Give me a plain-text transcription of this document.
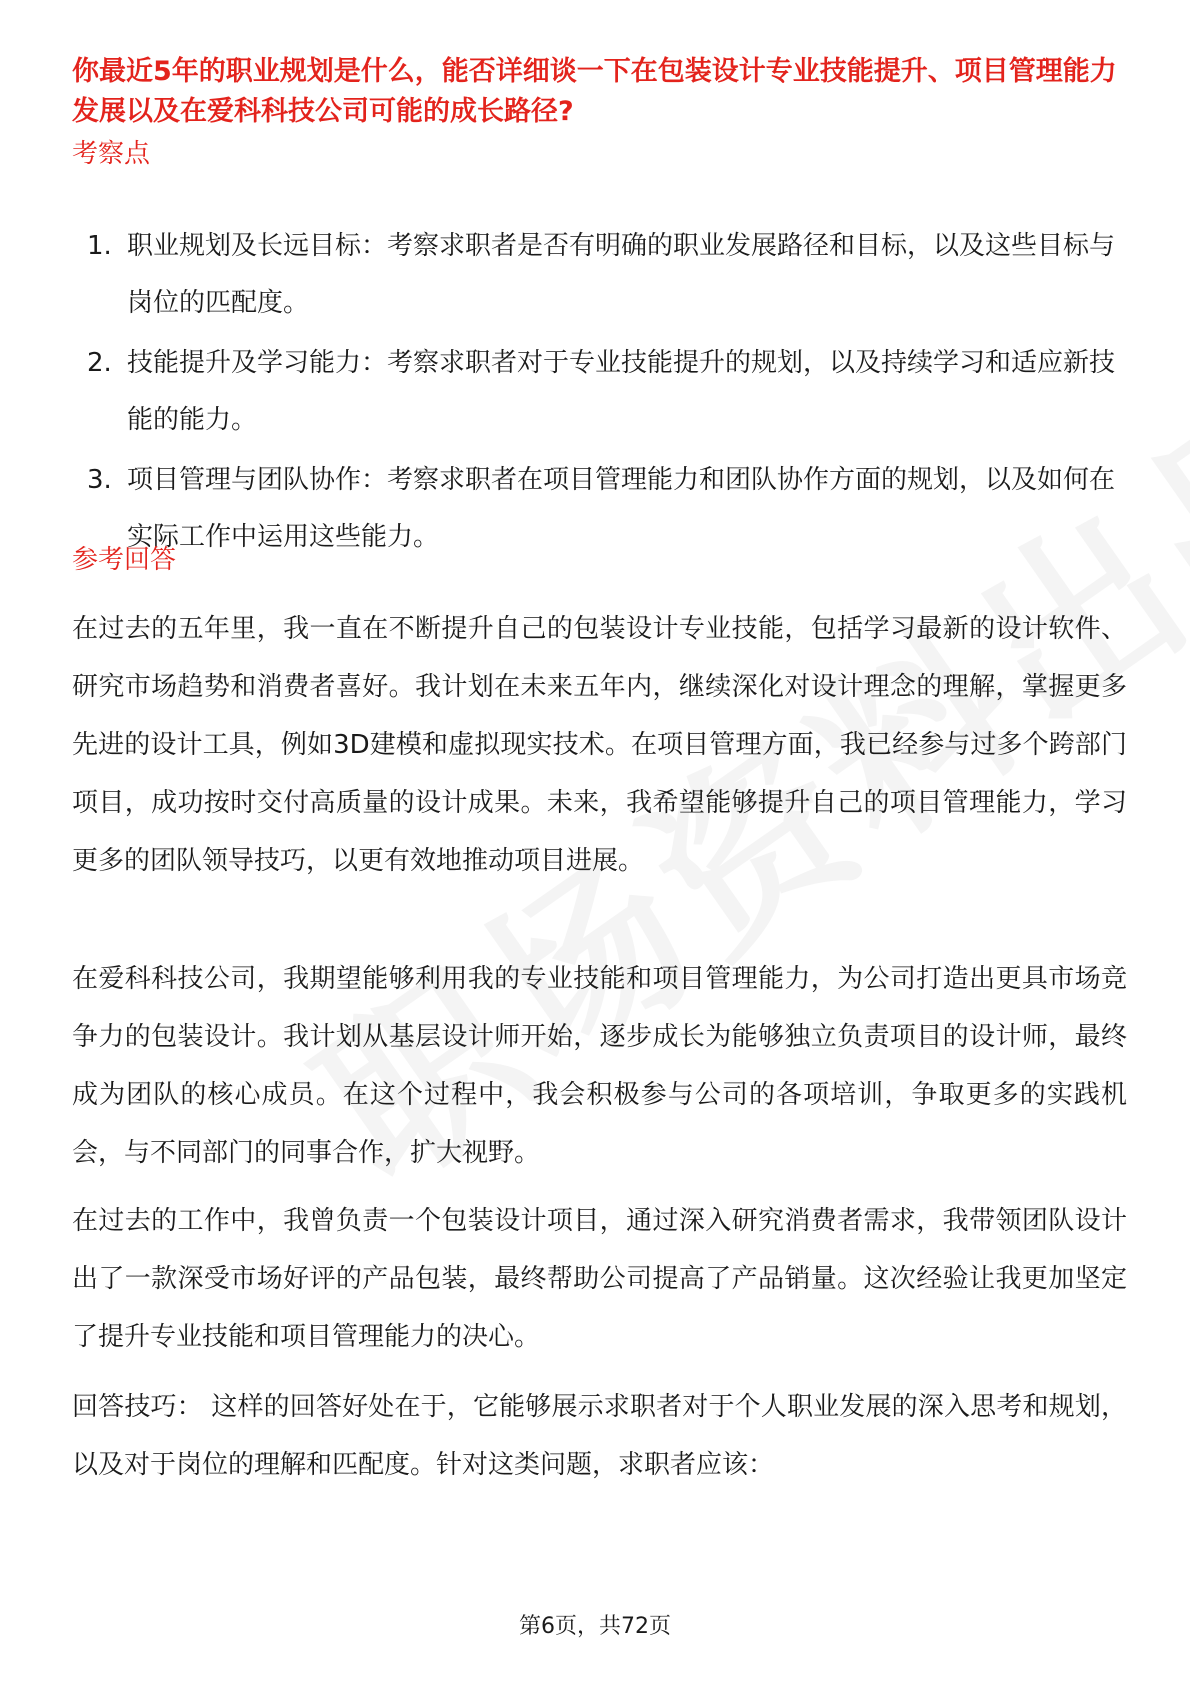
你最近5年的职业规划是什么，能否详细谈一下在包装设计专业技能提升、项目管理能力发展以及在爱科科技公司可能的成长路径?
考察点
1. 职业规划及长远目标：考察求职者是否有明确的职业发展路径和目标，以及这些目标与岗位的匹配度。
2. 技能提升及学习能力：考察求职者对于专业技能提升的规划，以及持续学习和适应新技能的能力。
3. 项目管理与团队协作：考察求职者在项目管理能力和团队协作方面的规划，以及如何在实际工作中运用这些能力。
参考回答

在过去的五年里，我一直在不断提升自己的包装设计专业技能，包括学习最新的设计软件、研究市场趋势和消费者喜好。我计划在未来五年内，继续深化对设计理念的理解，掌握更多先进的设计工具，例如3D建模和虚拟现实技术。在项目管理方面，我已经参与过多个跨部门项目，成功按时交付高质量的设计成果。未来，我希望能够提升自己的项目管理能力，学习更多的团队领导技巧，以更有效地推动项目进展。

在爱科科技公司，我期望能够利用我的专业技能和项目管理能力，为公司打造出更具市场竞争力的包装设计。我计划从基层设计师开始，逐步成长为能够独立负责项目的设计师，最终成为团队的核心成员。在这个过程中，我会积极参与公司的各项培训，争取更多的实践机会，与不同部门的同事合作，扩大视野。

在过去的工作中，我曾负责一个包装设计项目，通过深入研究消费者需求，我带领团队设计出了一款深受市场好评的产品包装，最终帮助公司提高了产品销量。这次经验让我更加坚定了提升专业技能和项目管理能力的决心。

回答技巧： 这样的回答好处在于，它能够展示求职者对于个人职业发展的深入思考和规划，以及对于岗位的理解和匹配度。针对这类问题，求职者应该：

第6页，共72页
